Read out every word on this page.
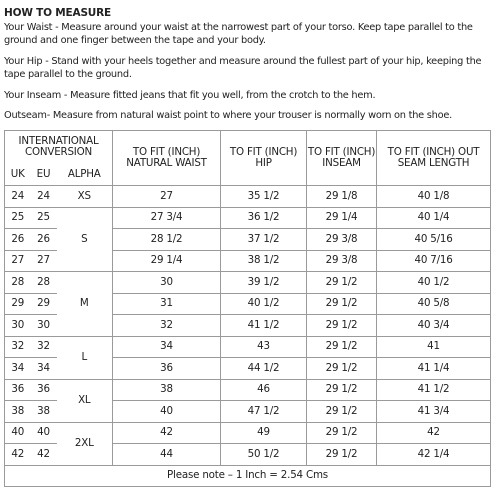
HOW TO MEASURE
Your Waist - Measure around your waist at the narrowest part of your torso. Keep tape parallel to the ground and one finger between the tape and your body.
Your Hip - Stand with your heels together and measure around the fullest part of your hip, keeping the tape parallel to the ground.
Your Inseam - Measure fitted jeans that fit you well, from the crotch to the hem.
Outseam- Measure from natural waist point to where your trouser is normally worn on the shoe.
INTERNATIONAL CONVERSION			TO FIT (INCH) NATURAL WAIST	TO FIT (INCH) HIP	TO FIT (INCH) INSEAM	TO FIT (INCH) OUT SEAM LENGTH
UK	EU	ALPHA				
24	24	XS	27	35 1/2	29 1/8	40 1/8
25	25	S	27 3/4	36 1/2	29 1/4	40 1/4
26	26		28 1/2	37 1/2	29 3/8	40 5/16
27	27		29 1/4	38 1/2	29 3/8	40 7/16
28	28	M	30	39 1/2	29 1/2	40 1/2
29	29		31	40 1/2	29 1/2	40 5/8
30	30		32	41 1/2	29 1/2	40 3/4
32	32	L	34	43	29 1/2	41
34	34		36	44 1/2	29 1/2	41 1/4
36	36	XL	38	46	29 1/2	41 1/2
38	38		40	47 1/2	29 1/2	41 3/4
40	40	2XL	42	49	29 1/2	42
42	42		44	50 1/2	29 1/2	42 1/4
Please note – 1 Inch = 2.54 Cms						
